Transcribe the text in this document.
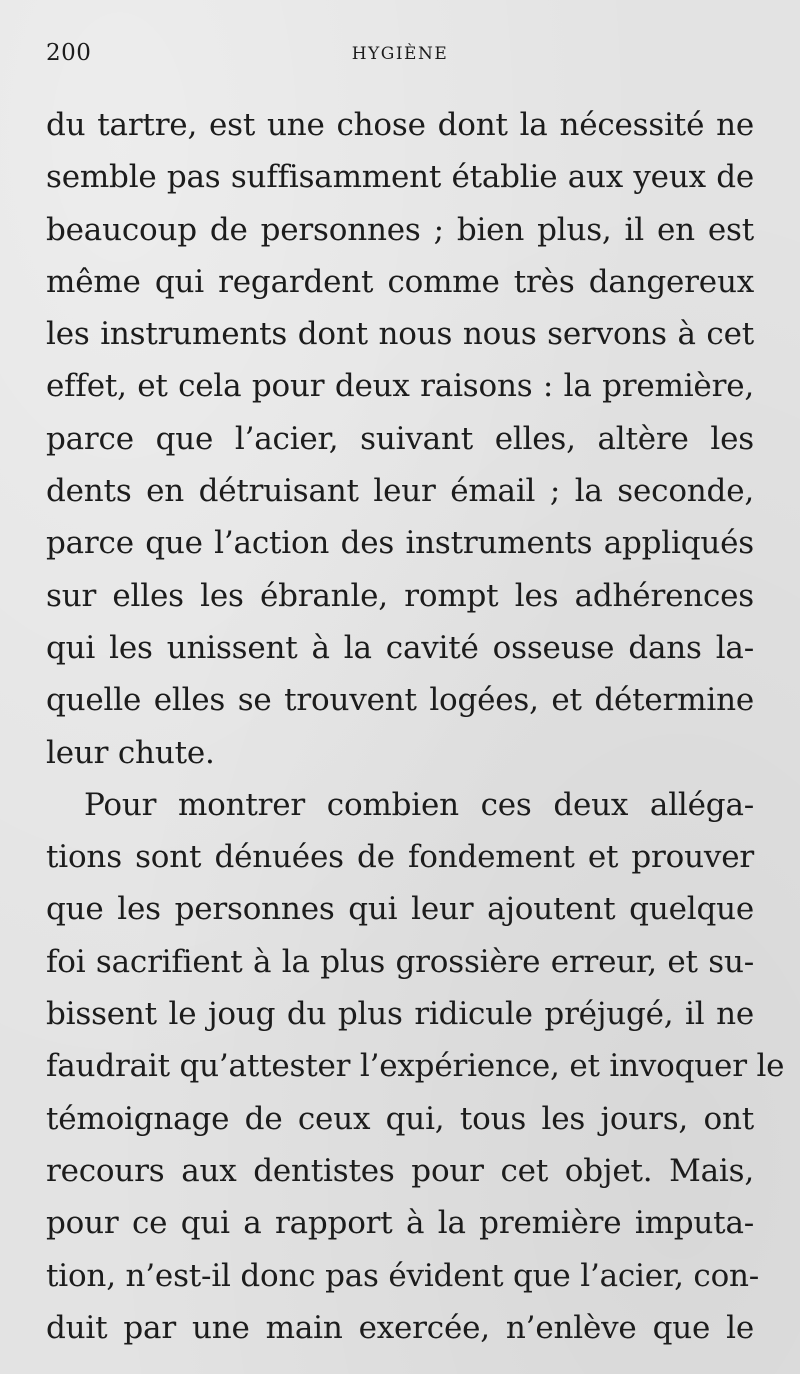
200	HYGIÈNE
du tartre, est une chose dont la nécessité ne
semble pas suffisamment établie aux yeux de
beaucoup de personnes ; bien plus, il en est
même qui regardent comme très dangereux
les instruments dont nous nous servons à cet
effet, et cela pour deux raisons : la première,
parce que l’acier, suivant elles, altère les
dents en détruisant leur émail ; la seconde,
parce que l’action des instruments appliqués
sur elles les ébranle, rompt les adhérences
qui les unissent à la cavité osseuse dans la-
quelle elles se trouvent logées, et détermine
leur chute.
Pour montrer combien ces deux alléga-
tions sont dénuées de fondement et prouver
que les personnes qui leur ajoutent quelque
foi sacrifient à la plus grossière erreur, et su-
bissent le joug du plus ridicule préjugé, il ne
faudrait qu’attester l’expérience, et invoquer le
témoignage de ceux qui, tous les jours, ont
recours aux dentistes pour cet objet. Mais,
pour ce qui a rapport à la première imputa-
tion, n’est-il donc pas évident que l’acier, con-
duit par une main exercée, n’enlève que le
